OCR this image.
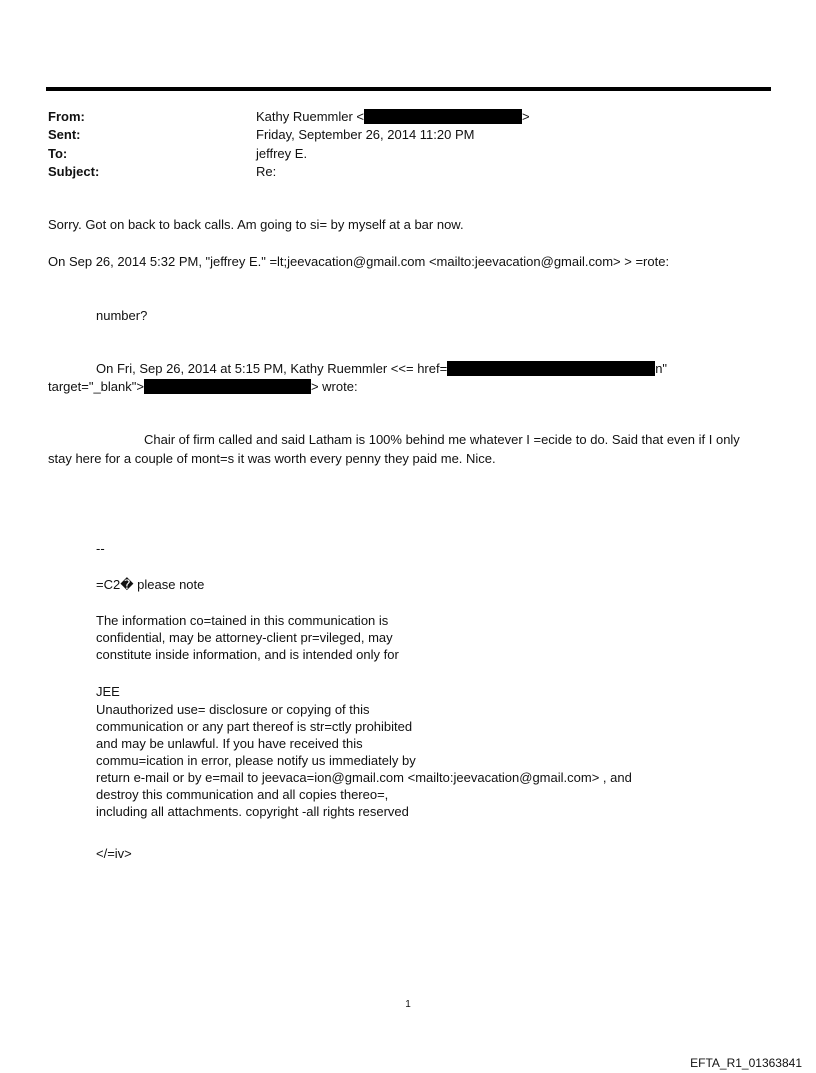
From:	Kathy Ruemmler <	>
Sent:	Friday, September 26, 2014 11:20 PM
To:	jeffrey E.
Subject:	Re:
Sorry. Got on back to back calls. Am going to si= by myself at a bar now.
On Sep 26, 2014 5:32 PM, "jeffrey E." =lt;jeevacation@gmail.com <mailto:jeevacation@gmail.com> > =rote:
number?
On Fri, Sep 26, 2014 at 5:15 PM, Kathy Ruemmler <<= href=	n"
target="_blank">	> wrote:
Chair of firm called and said Latham is 100% behind me whatever I =ecide to do. Said that even if I only
stay here for a couple of mont=s it was worth every penny they paid me. Nice.
--
=C2� please note
The information co=tained in this communication is
confidential, may be attorney-client pr=vileged, may
constitute inside information, and is intended only for
JEE
Unauthorized use= disclosure or copying of this
communication or any part thereof is str=ctly prohibited
and may be unlawful. If you have received this
commu=ication in error, please notify us immediately by
return e-mail or by e=mail to jeevaca=ion@gmail.com <mailto:jeevacation@gmail.com> , and
destroy this communication and all copies thereo=,
including all attachments. copyright -all rights reserved
</=iv>
1
EFTA_R1_01363841
